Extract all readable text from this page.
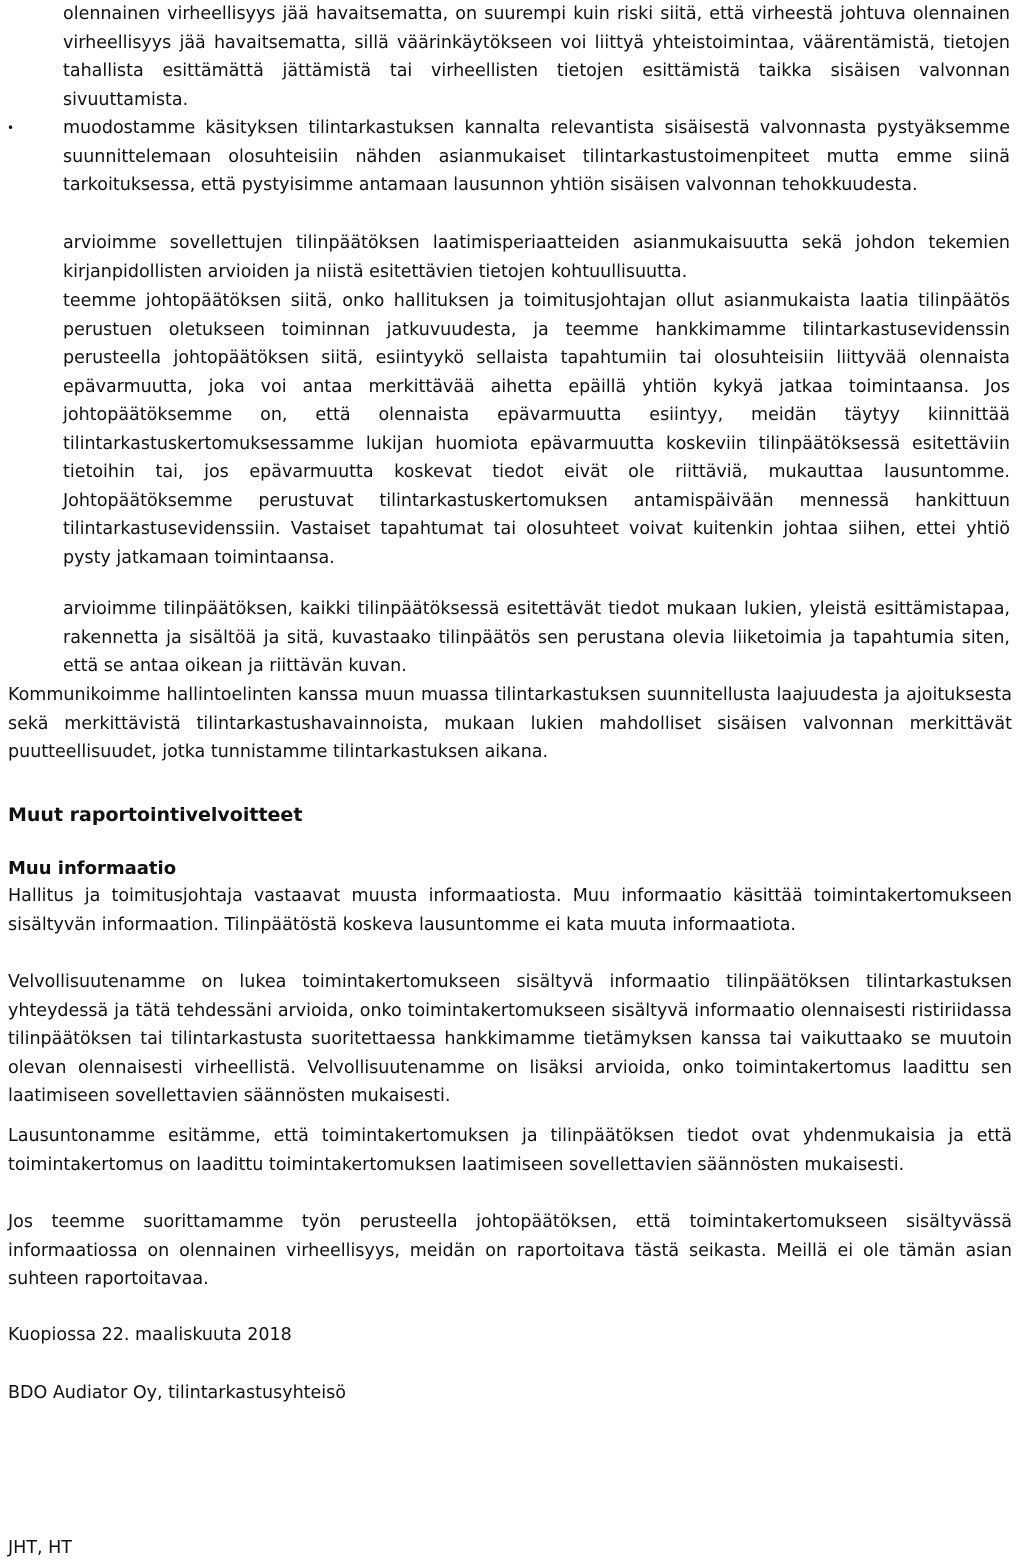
olennainen virheellisyys jää havaitsematta, on suurempi kuin riski siitä, että virheestä johtuva olennainen virheellisyys jää havaitsematta, sillä väärinkäytökseen voi liittyä yhteistoimintaa, väärentämistä, tietojen tahallista esittämättä jättämistä tai virheellisten tietojen esittämistä taikka sisäisen valvonnan sivuuttamista.

•	muodostamme käsityksen tilintarkastuksen kannalta relevantista sisäisestä valvonnasta pystyäksemme suunnittelemaan olosuhteisiin nähden asianmukaiset tilintarkastustoimenpiteet mutta emme siinä tarkoituksessa, että pystyisimme antamaan lausunnon yhtiön sisäisen valvonnan tehokkuudesta.

arvioimme sovellettujen tilinpäätöksen laatimisperiaatteiden asianmukaisuutta sekä johdon tekemien kirjanpidollisten arvioiden ja niistä esitettävien tietojen kohtuullisuutta.

teemme johtopäätöksen siitä, onko hallituksen ja toimitusjohtajan ollut asianmukaista laatia tilinpäätös perustuen oletukseen toiminnan jatkuvuudesta, ja teemme hankkimamme tilintarkastusevidenssin perusteella johtopäätöksen siitä, esiintyykö sellaista tapahtumiin tai olosuhteisiin liittyvää olennaista epävarmuutta, joka voi antaa merkittävää aihetta epäillä yhtiön kykyä jatkaa toimintaansa. Jos johtopäätöksemme on, että olennaista epävarmuutta esiintyy, meidän täytyy kiinnittää tilintarkastuskertomuksessamme lukijan huomiota epävarmuutta koskeviin tilinpäätöksessä esitettäviin tietoihin tai, jos epävarmuutta koskevat tiedot eivät ole riittäviä, mukauttaa lausuntomme. Johtopäätöksemme perustuvat tilintarkastuskertomuksen antamispäivään mennessä hankittuun tilintarkastusevidenssiin. Vastaiset tapahtumat tai olosuhteet voivat kuitenkin johtaa siihen, ettei yhtiö pysty jatkamaan toimintaansa.

arvioimme tilinpäätöksen, kaikki tilinpäätöksessä esitettävät tiedot mukaan lukien, yleistä esittämistapaa, rakennetta ja sisältöä ja sitä, kuvastaako tilinpäätös sen perustana olevia liiketoimia ja tapahtumia siten, että se antaa oikean ja riittävän kuvan.

Kommunikoimme hallintoelinten kanssa muun muassa tilintarkastuksen suunnitellusta laajuudesta ja ajoituksesta sekä merkittävistä tilintarkastushavainnoista, mukaan lukien mahdolliset sisäisen valvonnan merkittävät puutteellisuudet, jotka tunnistamme tilintarkastuksen aikana.

Muut raportointivelvoitteet
Muu informaatio

Hallitus ja toimitusjohtaja vastaavat muusta informaatiosta. Muu informaatio käsittää toimintakertomukseen sisältyvän informaation. Tilinpäätöstä koskeva lausuntomme ei kata muuta informaatiota.

Velvollisuutenamme on lukea toimintakertomukseen sisältyvä informaatio tilinpäätöksen tilintarkastuksen yhteydessä ja tätä tehdessäni arvioida, onko toimintakertomukseen sisältyvä informaatio olennaisesti ristiriidassa tilinpäätöksen tai tilintarkastusta suoritettaessa hankkimamme tietämyksen kanssa tai vaikuttaako se muutoin olevan olennaisesti virheellistä. Velvollisuutenamme on lisäksi arvioida, onko toimintakertomus laadittu sen laatimiseen sovellettavien säännösten mukaisesti.

Lausuntonamme esitämme, että toimintakertomuksen ja tilinpäätöksen tiedot ovat yhdenmukaisia ja että toimintakertomus on laadittu toimintakertomuksen laatimiseen sovellettavien säännösten mukaisesti.

Jos teemme suorittamamme työn perusteella johtopäätöksen, että toimintakertomukseen sisältyvässä informaatiossa on olennainen virheellisyys, meidän on raportoitava tästä seikasta. Meillä ei ole tämän asian suhteen raportoitavaa.

Kuopiossa 22. maaliskuuta 2018
BDO Audiator Oy, tilintarkastusyhteisö
JHT, HT
